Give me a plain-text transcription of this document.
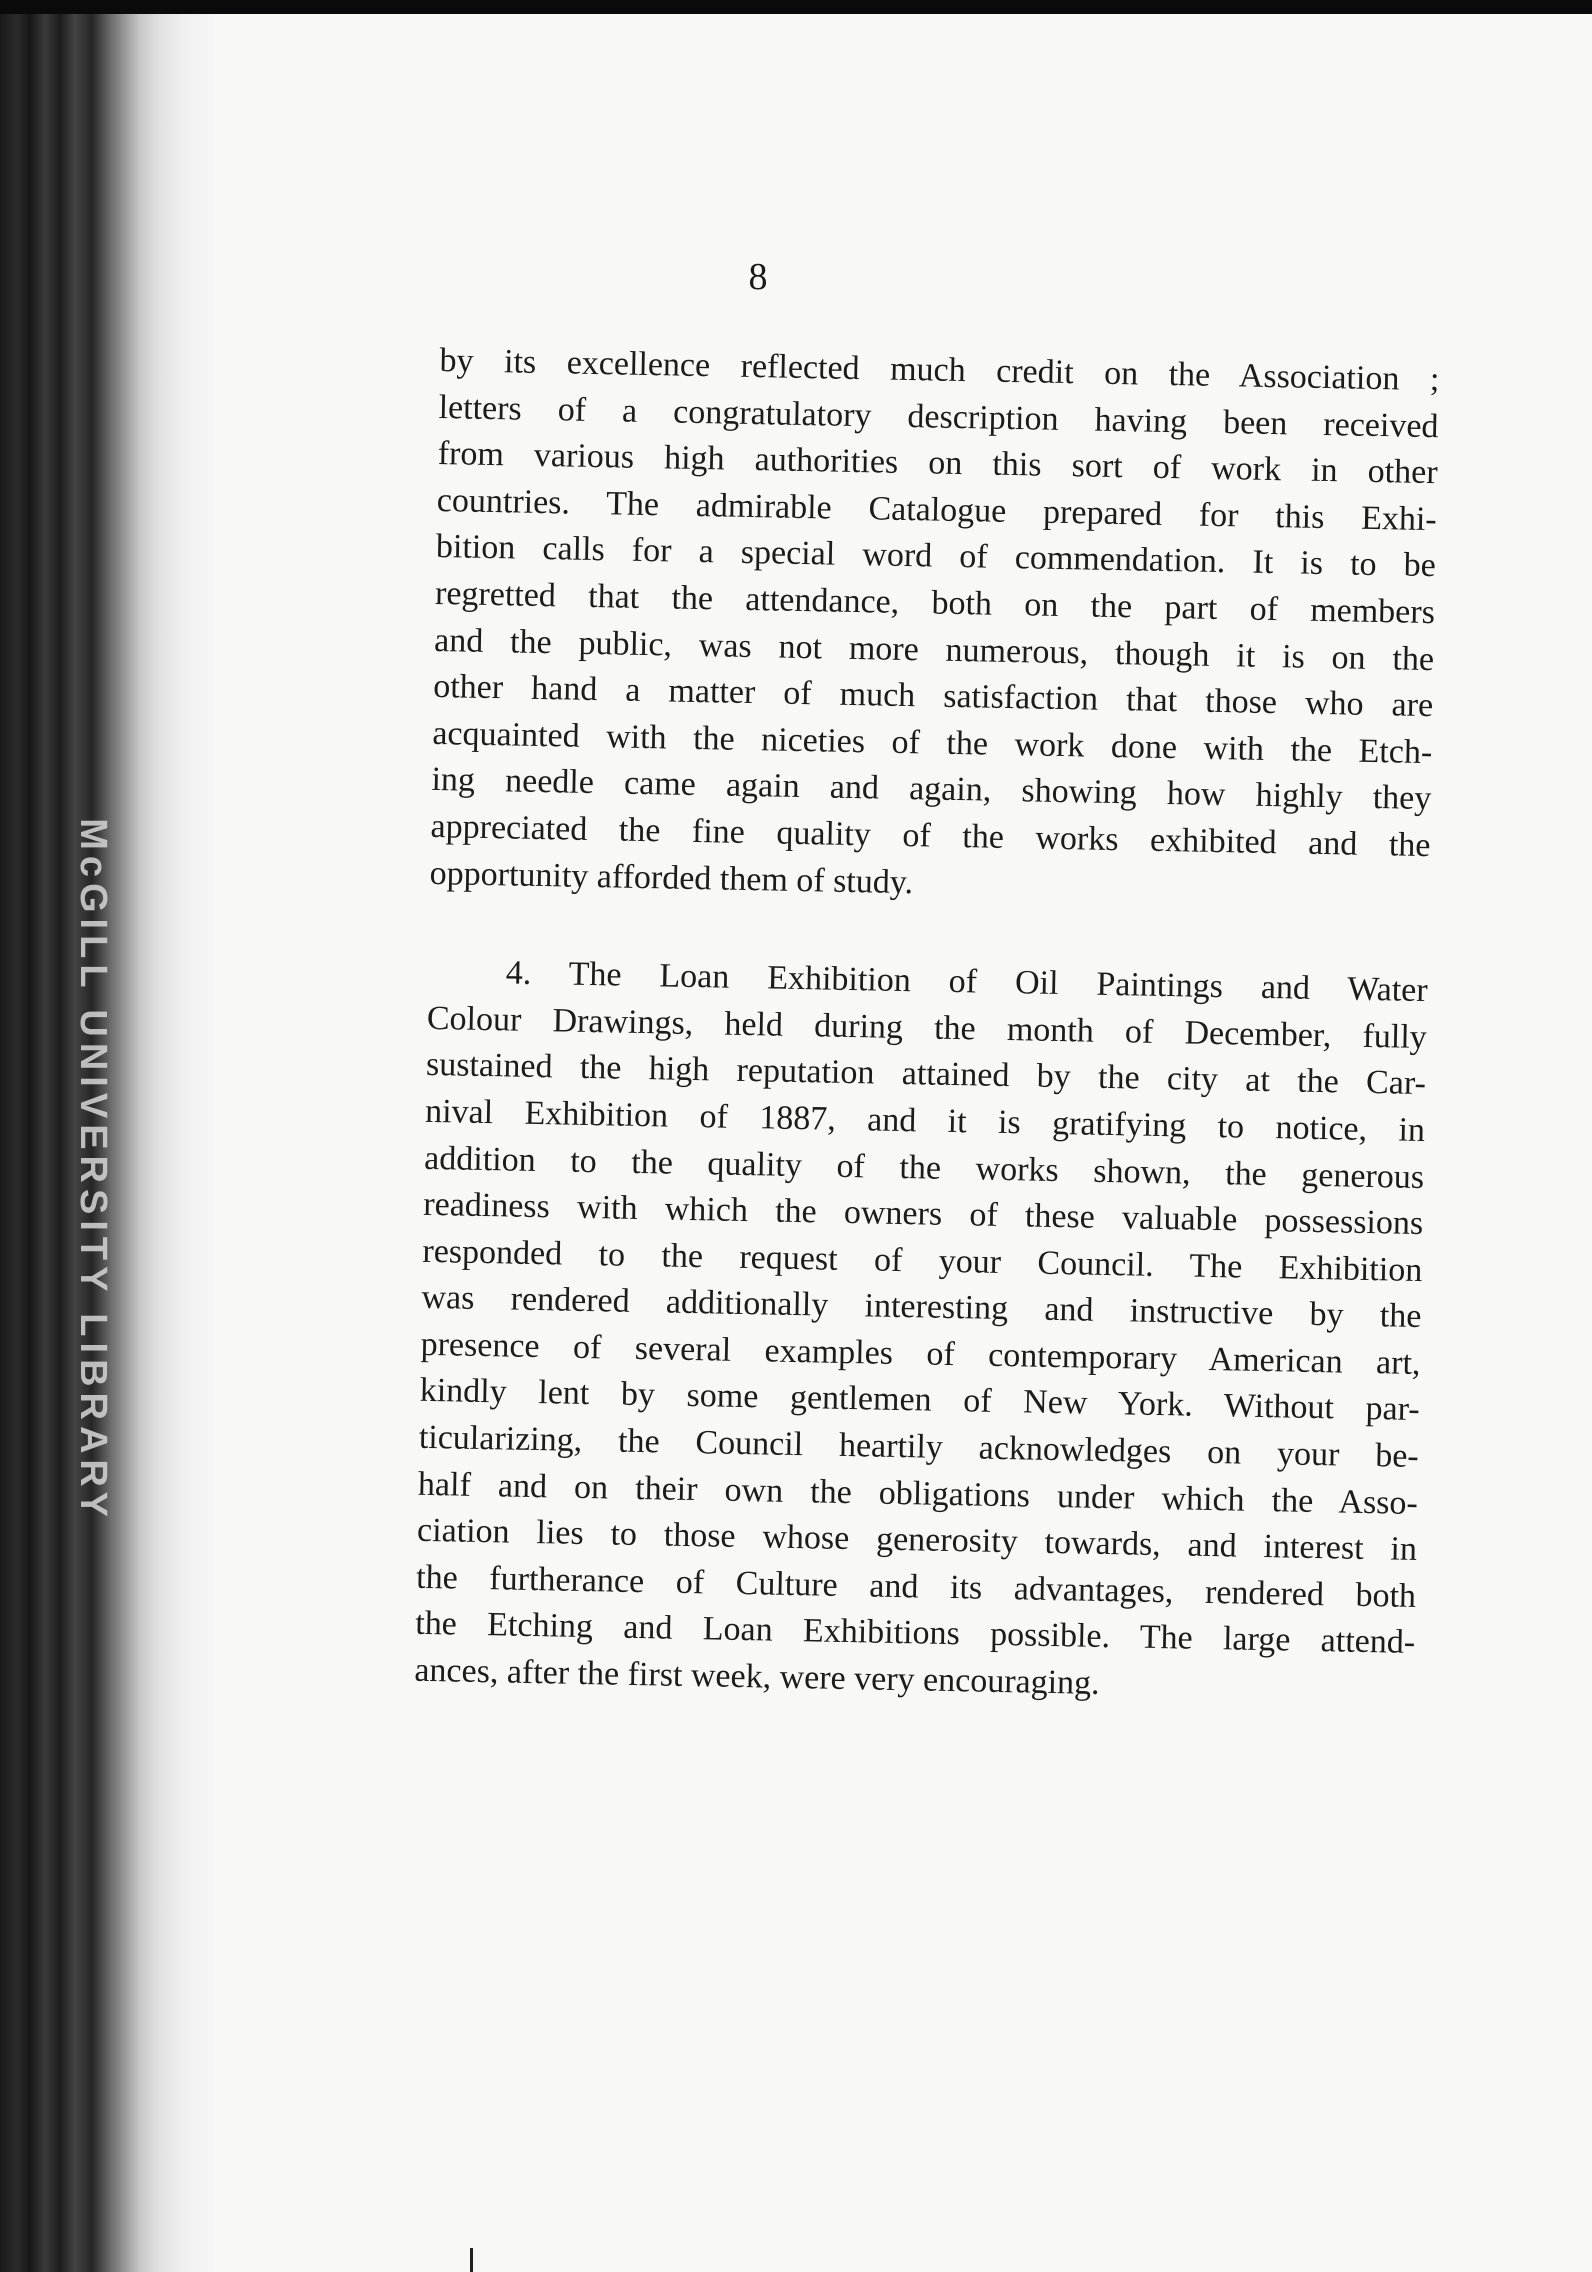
McGILL UNIVERSITY LIBRARY
8
by its excellence reflected much credit on the Association ;
letters of a congratulatory description having been received
from various high authorities on this sort of work in other
countries. The admirable Catalogue prepared for this Exhi-
bition calls for a special word of commendation. It is to be
regretted that the attendance, both on the part of members
and the public, was not more numerous, though it is on the
other hand a matter of much satisfaction that those who are
acquainted with the niceties of the work done with the Etch-
ing needle came again and again, showing how highly they
appreciated the fine quality of the works exhibited and the
opportunity afforded them of study.
4. The Loan Exhibition of Oil Paintings and Water
Colour Drawings, held during the month of December, fully
sustained the high reputation attained by the city at the Car-
nival Exhibition of 1887, and it is gratifying to notice, in
addition to the quality of the works shown, the generous
readiness with which the owners of these valuable possessions
responded to the request of your Council. The Exhibition
was rendered additionally interesting and instructive by the
presence of several examples of contemporary American art,
kindly lent by some gentlemen of New York. Without par-
ticularizing, the Council heartily acknowledges on your be-
half and on their own the obligations under which the Asso-
ciation lies to those whose generosity towards, and interest in
the furtherance of Culture and its advantages, rendered both
the Etching and Loan Exhibitions possible. The large attend-
ances, after the first week, were very encouraging.
